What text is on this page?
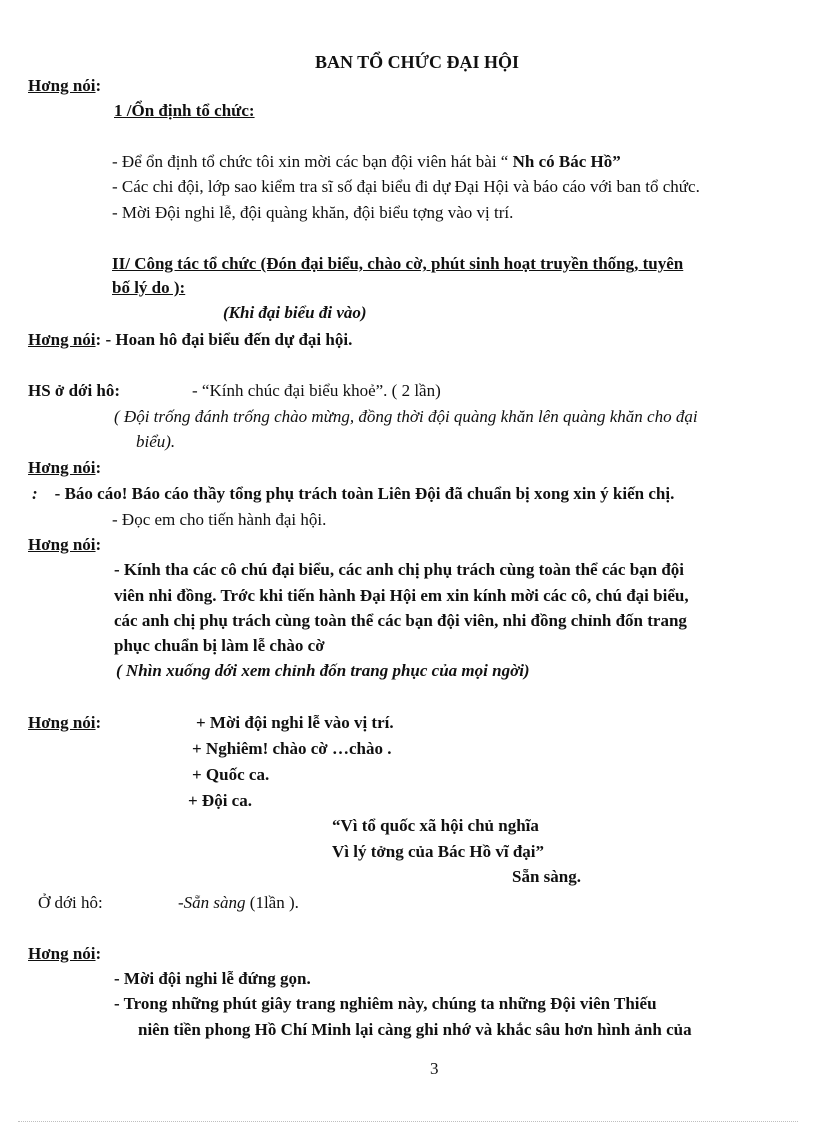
BAN TỔ CHỨC ĐẠI HỘI
Hơng nói:
1 /Ổn định tổ chức:
- Để ổn định tổ chức tôi xin mời các bạn đội viên hát bài “ Nh có Bác Hồ”
- Các chi đội, lớp sao kiểm tra sĩ số đại biểu đi dự Đại Hội và báo cáo với ban tổ chức.
- Mời Đội nghi lễ, đội quàng khăn, đội biểu tợng vào vị trí.
II/ Công tác tổ chức (Đón đại biểu, chào cờ, phút sinh hoạt truyền thống, tuyên
bố lý do ):
(Khi đại biểu đi vào)
Hơng nói: - Hoan hô đại biểu đến dự đại hội.
HS ở dới hô:	- “Kính chúc đại biểu khoẻ”. ( 2 lần)
( Đội trống đánh trống chào mừng, đồng thời đội quàng khăn lên quàng khăn cho đại
biểu).
Hơng nói:
: - Báo cáo! Báo cáo thầy tổng phụ trách toàn Liên Đội đã chuẩn bị xong xin ý kiến chị.
- Đọc em cho tiến hành đại hội.
Hơng nói:
- Kính tha các cô chú đại biểu, các anh chị phụ trách cùng toàn thể các bạn đội
viên nhi đồng. Trớc khi tiến hành Đại Hội em xin kính mời các cô, chú đại biểu,
các anh chị phụ trách cùng toàn thể các bạn đội viên, nhi đồng chỉnh đốn trang
phục chuẩn bị làm lễ chào cờ
( Nhìn xuống dới xem chỉnh đốn trang phục của mọi ngời)
Hơng nói:	+ Mời đội nghi lễ vào vị trí.
+ Nghiêm! chào cờ …chào .
+ Quốc ca.
+ Đội ca.
“Vì tổ quốc xã hội chủ nghĩa
Vì lý tởng của Bác Hồ vĩ đại”
Sẵn sàng.
Ở dới hô:	-Sẵn sàng (1lần ).
Hơng nói:
- Mời đội nghi lễ đứng gọn.
- Trong những phút giây trang nghiêm này, chúng ta những Đội viên Thiếu
niên tiền phong Hồ Chí Minh lại càng ghi nhớ và khắc sâu hơn hình ảnh của
3
